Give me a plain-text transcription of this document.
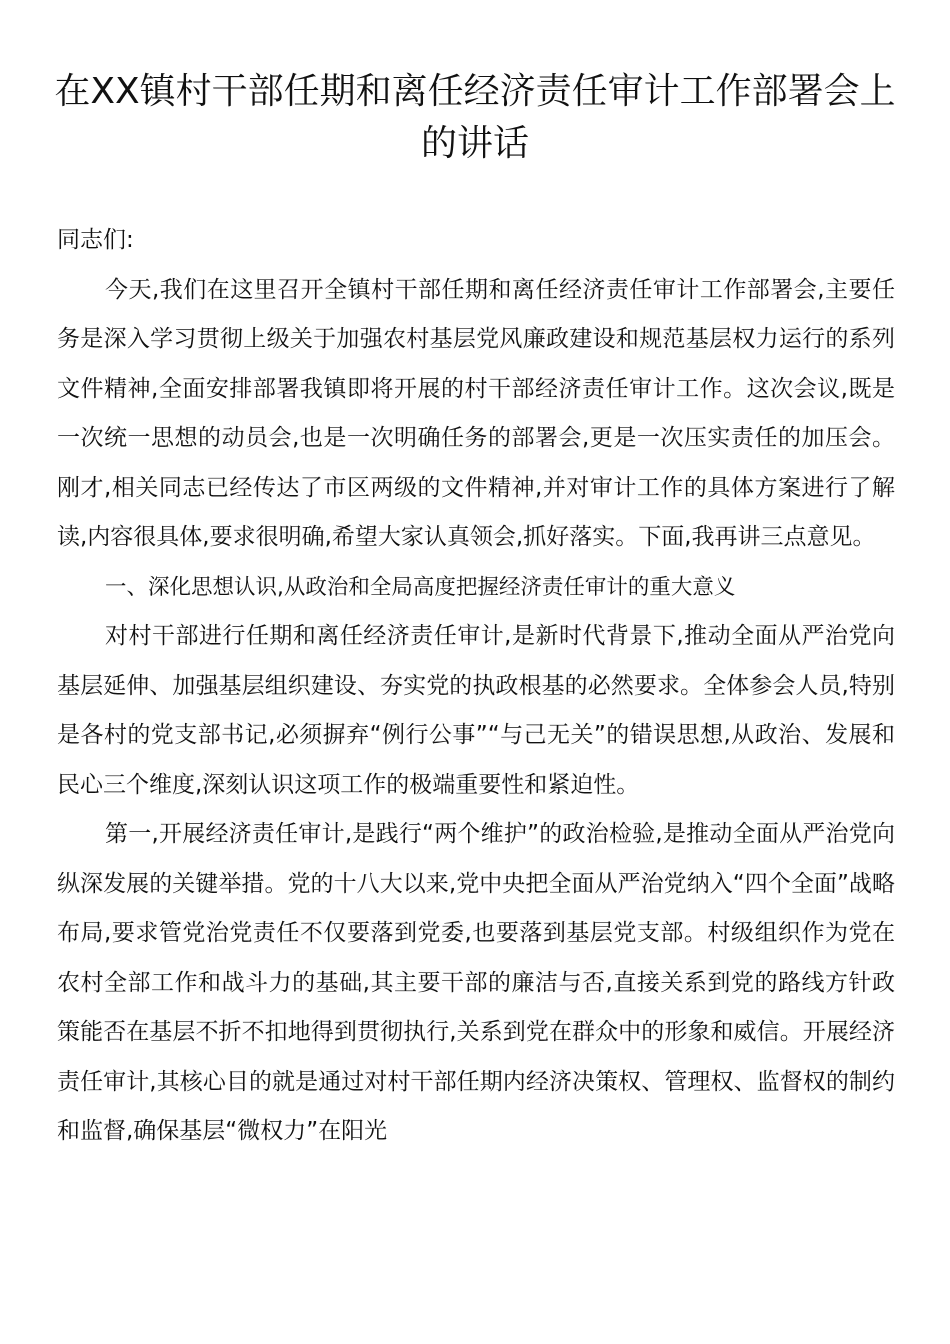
在XX镇村干部任期和离任经济责任审计工作部署会上的讲话

同志们:

今天,我们在这里召开全镇村干部任期和离任经济责任审计工作部署会,主要任务是深入学习贯彻上级关于加强农村基层党风廉政建设和规范基层权力运行的系列文件精神,全面安排部署我镇即将开展的村干部经济责任审计工作。这次会议,既是一次统一思想的动员会,也是一次明确任务的部署会,更是一次压实责任的加压会。刚才,相关同志已经传达了市区两级的文件精神,并对审计工作的具体方案进行了解读,内容很具体,要求很明确,希望大家认真领会,抓好落实。下面,我再讲三点意见。

一、深化思想认识,从政治和全局高度把握经济责任审计的重大意义

对村干部进行任期和离任经济责任审计,是新时代背景下,推动全面从严治党向基层延伸、加强基层组织建设、夯实党的执政根基的必然要求。全体参会人员,特别是各村的党支部书记,必须摒弃“例行公事”“与己无关”的错误思想,从政治、发展和民心三个维度,深刻认识这项工作的极端重要性和紧迫性。

第一,开展经济责任审计,是践行“两个维护”的政治检验,是推动全面从严治党向纵深发展的关键举措。党的十八大以来,党中央把全面从严治党纳入“四个全面”战略布局,要求管党治党责任不仅要落到党委,也要落到基层党支部。村级组织作为党在农村全部工作和战斗力的基础,其主要干部的廉洁与否,直接关系到党的路线方针政策能否在基层不折不扣地得到贯彻执行,关系到党在群众中的形象和威信。开展经济责任审计,其核心目的就是通过对村干部任期内经济决策权、管理权、监督权的制约和监督,确保基层“微权力”在阳光
